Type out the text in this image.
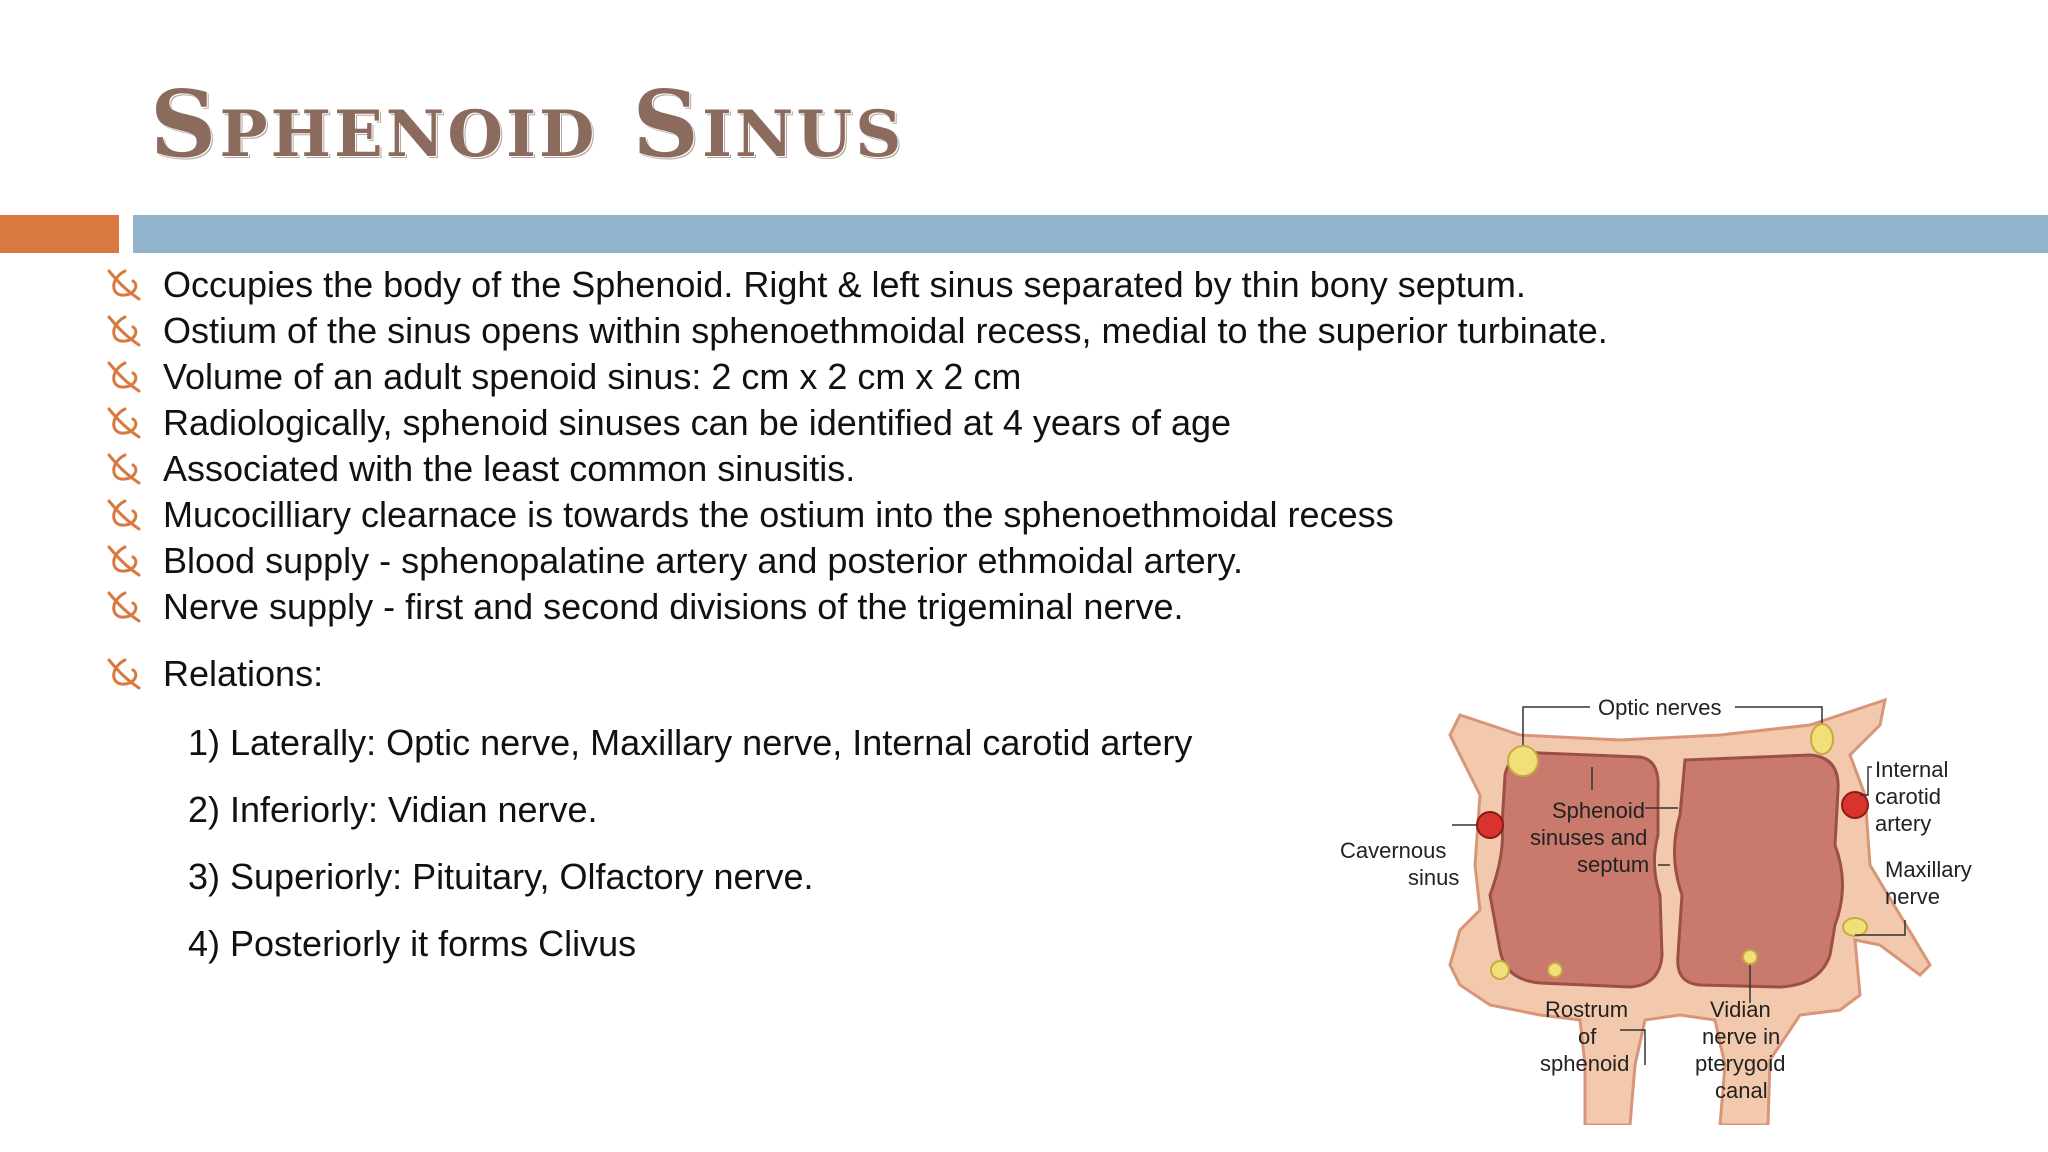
Sphenoid Sinus
Occupies the body of the Sphenoid. Right & left sinus separated by thin bony septum.
Ostium of the sinus opens within sphenoethmoidal recess, medial to the superior turbinate.
Volume of an adult spenoid sinus: 2 cm x 2 cm x 2 cm
Radiologically, sphenoid sinuses can be identified at 4 years of age
Associated with the least common sinusitis.
Mucocilliary clearnace is towards the ostium into the sphenoethmoidal recess
Blood supply - sphenopalatine artery and posterior ethmoidal artery.
Nerve supply - first and second divisions of the trigeminal nerve.
Relations:
1) Laterally: Optic nerve, Maxillary nerve, Internal carotid artery
2) Inferiorly: Vidian nerve.
3) Superiorly: Pituitary, Olfactory nerve.
4) Posteriorly it forms Clivus
Optic nerves
Internal
carotid
artery
Maxillary
nerve
Cavernous
sinus
Sphenoid
sinuses and
septum
Rostrum
of
sphenoid
Vidian
nerve in
pterygoid
canal
